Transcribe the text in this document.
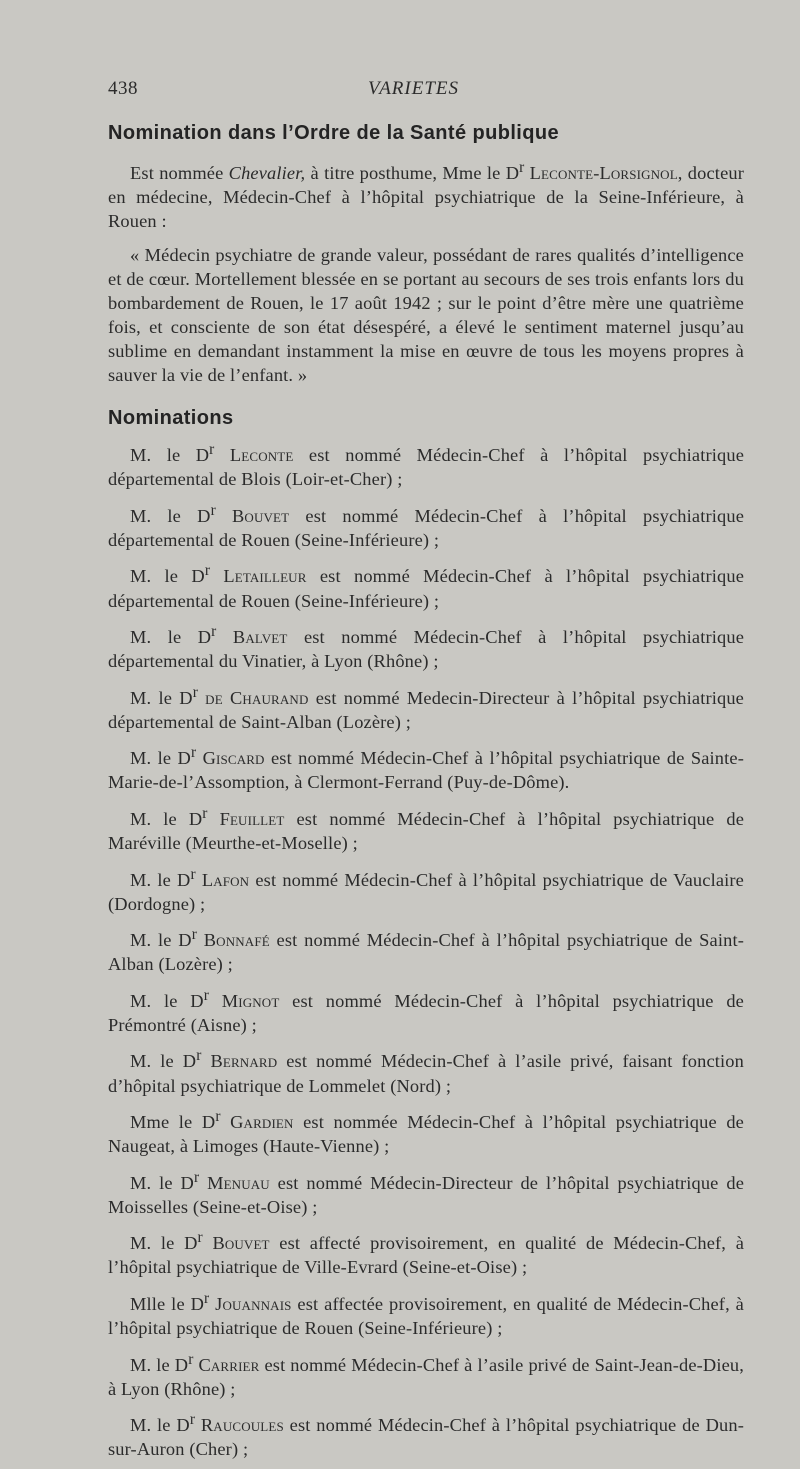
438	VARIETES
Nomination dans l’Ordre de la Santé publique

Est nommée Chevalier, à titre posthume, Mme le $D^r$ Leconte-Lorsignol, docteur en médecine, Médecin-Chef à l’hôpital psychiatrique de la Seine-Inférieure, à Rouen :

« Médecin psychiatre de grande valeur, possédant de rares qualités d’intelligence et de cœur. Mortellement blessée en se portant au secours de ses trois enfants lors du bombardement de Rouen, le 17 août 1942 ; sur le point d’être mère une quatrième fois, et consciente de son état désespéré, a élevé le sentiment maternel jusqu’au sublime en demandant instamment la mise en œuvre de tous les moyens propres à sauver la vie de l’enfant. »

Nominations

M. le $D^r$ Leconte est nommé Médecin-Chef à l’hôpital psychiatrique départemental de Blois (Loir-et-Cher) ;

M. le $D^r$ Bouvet est nommé Médecin-Chef à l’hôpital psychiatrique départemental de Rouen (Seine-Inférieure) ;

M. le $D^r$ Letailleur est nommé Médecin-Chef à l’hôpital psychiatrique départemental de Rouen (Seine-Inférieure) ;

M. le $D^r$ Balvet est nommé Médecin-Chef à l’hôpital psychiatrique départemental du Vinatier, à Lyon (Rhône) ;

M. le $D^r$ de Chaurand est nommé Medecin-Directeur à l’hôpital psychiatrique départemental de Saint-Alban (Lozère) ;

M. le $D^r$ Giscard est nommé Médecin-Chef à l’hôpital psychiatrique de Sainte-Marie-de-l’Assomption, à Clermont-Ferrand (Puy-de-Dôme).

M. le $D^r$ Feuillet est nommé Médecin-Chef à l’hôpital psychiatrique de Maréville (Meurthe-et-Moselle) ;

M. le $D^r$ Lafon est nommé Médecin-Chef à l’hôpital psychiatrique de Vauclaire (Dordogne) ;

M. le $D^r$ Bonnafé est nommé Médecin-Chef à l’hôpital psychiatrique de Saint-Alban (Lozère) ;

M. le $D^r$ Mignot est nommé Médecin-Chef à l’hôpital psychiatrique de Prémontré (Aisne) ;

M. le $D^r$ Bernard est nommé Médecin-Chef à l’asile privé, faisant fonction d’hôpital psychiatrique de Lommelet (Nord) ;

Mme le $D^r$ Gardien est nommée Médecin-Chef à l’hôpital psychiatrique de Naugeat, à Limoges (Haute-Vienne) ;

M. le $D^r$ Menuau est nommé Médecin-Directeur de l’hôpital psychiatrique de Moisselles (Seine-et-Oise) ;

M. le $D^r$ Bouvet est affecté provisoirement, en qualité de Médecin-Chef, à l’hôpital psychiatrique de Ville-Evrard (Seine-et-Oise) ;

Mlle le $D^r$ Jouannais est affectée provisoirement, en qualité de Médecin-Chef, à l’hôpital psychiatrique de Rouen (Seine-Inférieure) ;

M. le $D^r$ Carrier est nommé Médecin-Chef à l’asile privé de Saint-Jean-de-Dieu, à Lyon (Rhône) ;

M. le $D^r$ Raucoules est nommé Médecin-Chef à l’hôpital psychiatrique de Dun-sur-Auron (Cher) ;
